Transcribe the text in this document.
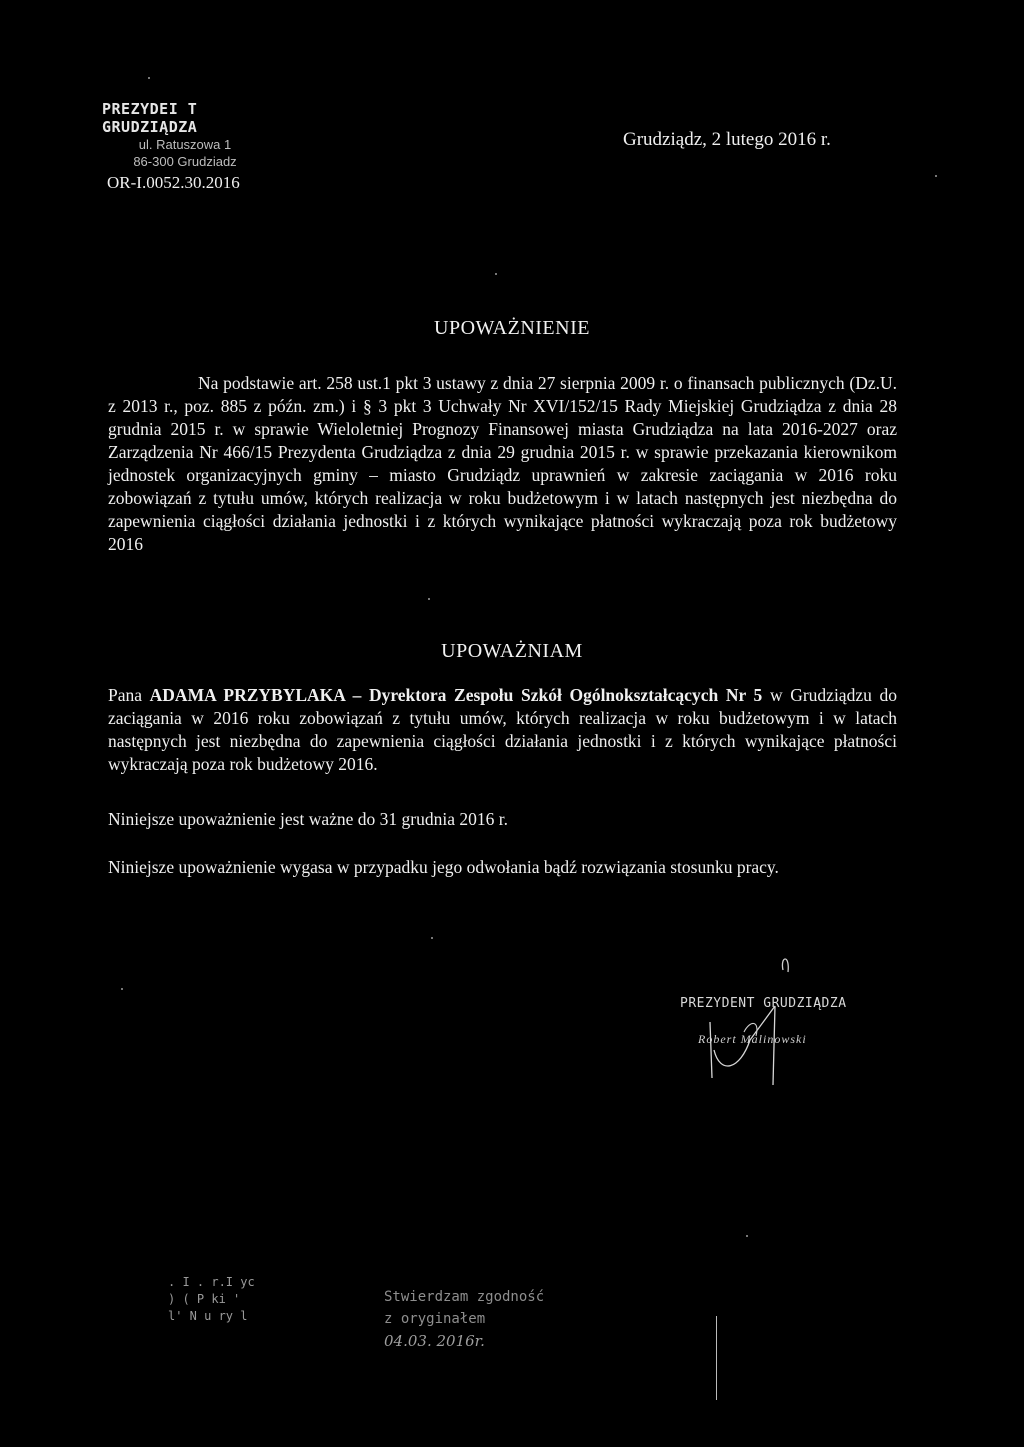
PREZYDEI T GRUDZIĄDZA
ul. Ratuszowa 1
86-300 Grudziadz
OR-I.0052.30.2016
Grudziądz, 2 lutego 2016 r.
UPOWAŻNIENIE
Na podstawie art. 258 ust.1 pkt 3 ustawy z dnia 27 sierpnia 2009 r. o finansach publicznych (Dz.U. z 2013 r., poz. 885 z późn. zm.) i § 3 pkt 3 Uchwały Nr XVI/152/15 Rady Miejskiej Grudziądza z dnia 28 grudnia 2015 r. w sprawie Wieloletniej Prognozy Finansowej miasta Grudziądza na lata 2016-2027 oraz Zarządzenia Nr 466/15 Prezydenta Grudziądza z dnia 29 grudnia 2015 r. w sprawie przekazania kierownikom jednostek organizacyjnych gminy – miasto Grudziądz uprawnień w zakresie zaciągania w 2016 roku zobowiązań z tytułu umów, których realizacja w roku budżetowym i w latach następnych jest niezbędna do zapewnienia ciągłości działania jednostki i z których wynikające płatności wykraczają poza rok budżetowy 2016
UPOWAŻNIAM
Pana ADAMA PRZYBYLAKA – Dyrektora Zespołu Szkół Ogólnokształcących Nr 5 w Grudziądzu do zaciągania w 2016 roku zobowiązań z tytułu umów, których realizacja w roku budżetowym i w latach następnych jest niezbędna do zapewnienia ciągłości działania jednostki i z których wynikające płatności wykraczają poza rok budżetowy 2016.
Niniejsze upoważnienie jest ważne do 31 grudnia 2016 r.
Niniejsze upoważnienie wygasa w przypadku jego odwołania bądź rozwiązania stosunku pracy.
PREZYDENT GRUDZIĄDZA
Robert Malinowski
. I . r.I yc
) ( P ki '
l' N u ry l
Stwierdzam zgodność
z oryginałem
04.03. 2016r.
